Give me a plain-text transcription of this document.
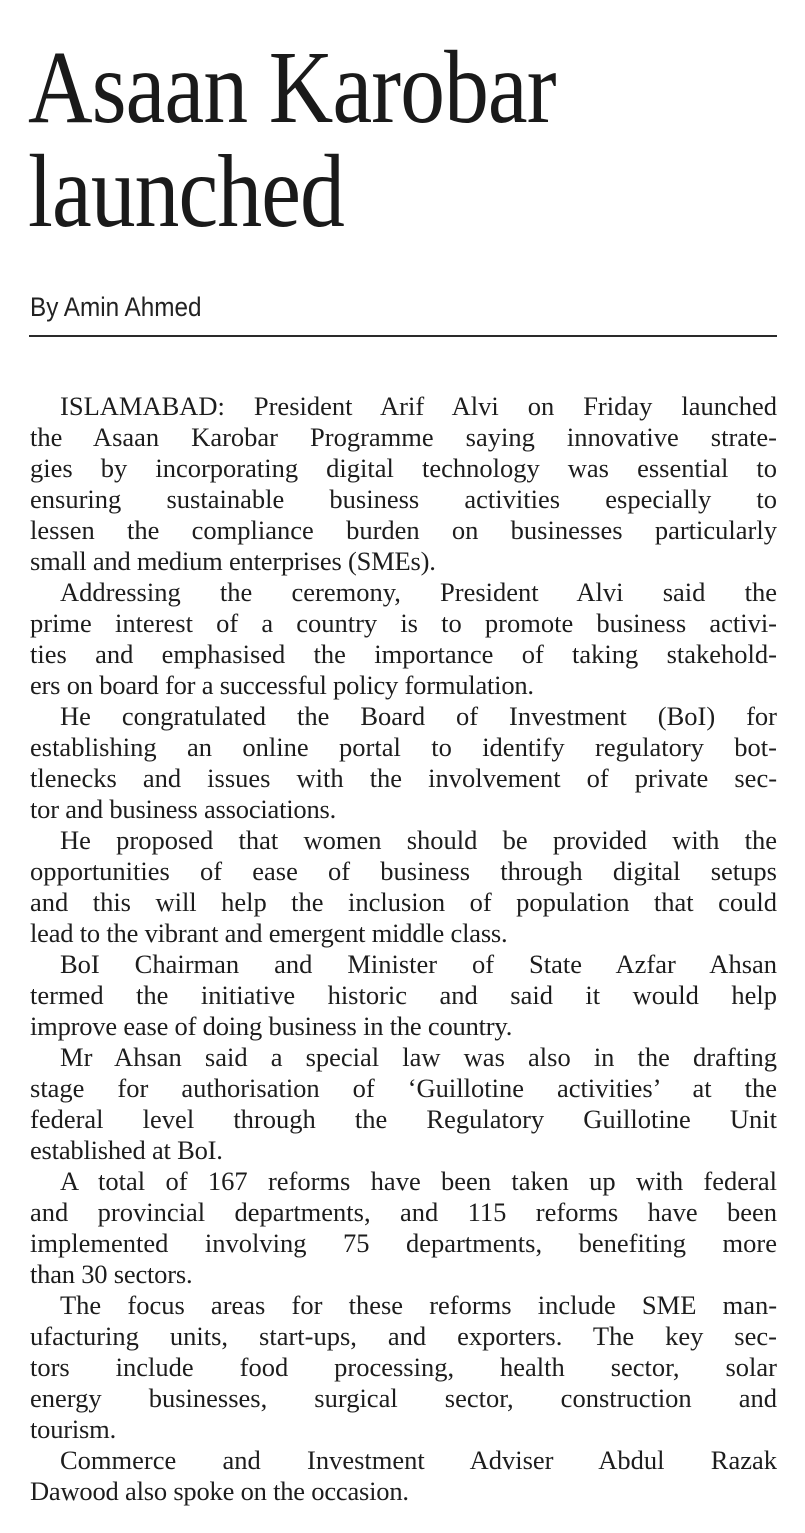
Asaan Karobar
launched
By Amin Ahmed
ISLAMABAD: President Arif Alvi on Friday launched
the Asaan Karobar Programme saying innovative strate-
gies by incorporating digital technology was essential to
ensuring sustainable business activities especially to
lessen the compliance burden on businesses particularly
small and medium enterprises (SMEs).
Addressing the ceremony, President Alvi said the
prime interest of a country is to promote business activi-
ties and emphasised the importance of taking stakehold-
ers on board for a successful policy formulation.
He congratulated the Board of Investment (BoI) for
establishing an online portal to identify regulatory bot-
tlenecks and issues with the involvement of private sec-
tor and business associations.
He proposed that women should be provided with the
opportunities of ease of business through digital setups
and this will help the inclusion of population that could
lead to the vibrant and emergent middle class.
BoI Chairman and Minister of State Azfar Ahsan
termed the initiative historic and said it would help
improve ease of doing business in the country.
Mr Ahsan said a special law was also in the drafting
stage for authorisation of ‘Guillotine activities’ at the
federal level through the Regulatory Guillotine Unit
established at BoI.
A total of 167 reforms have been taken up with federal
and provincial departments, and 115 reforms have been
implemented involving 75 departments, benefiting more
than 30 sectors.
The focus areas for these reforms include SME man-
ufacturing units, start-ups, and exporters. The key sec-
tors include food processing, health sector, solar
energy businesses, surgical sector, construction and
tourism.
Commerce and Investment Adviser Abdul Razak
Dawood also spoke on the occasion.
